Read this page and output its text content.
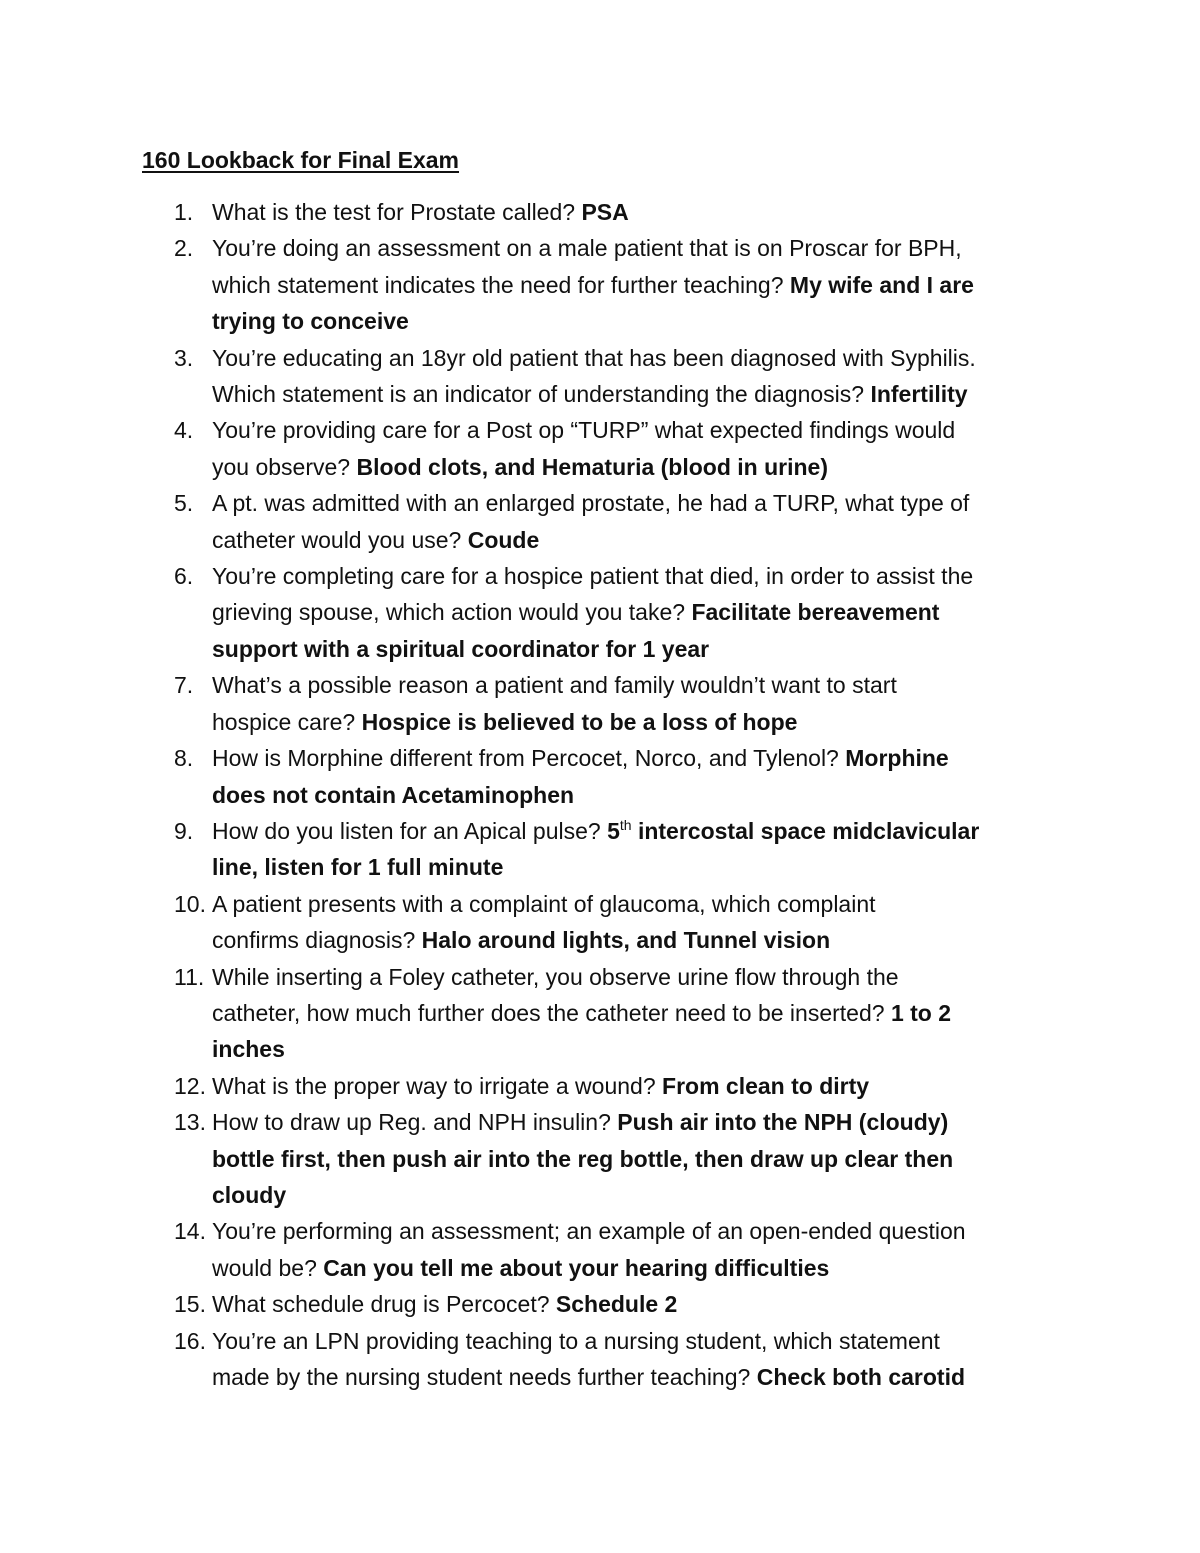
160 Lookback for Final Exam
1. What is the test for Prostate called? PSA
2. You’re doing an assessment on a male patient that is on Proscar for BPH,
which statement indicates the need for further teaching? My wife and I are
trying to conceive
3. You’re educating an 18yr old patient that has been diagnosed with Syphilis.
Which statement is an indicator of understanding the diagnosis? Infertility
4. You’re providing care for a Post op “TURP” what expected findings would
you observe? Blood clots, and Hematuria (blood in urine)
5. A pt. was admitted with an enlarged prostate, he had a TURP, what type of
catheter would you use? Coude
6. You’re completing care for a hospice patient that died, in order to assist the
grieving spouse, which action would you take? Facilitate bereavement
support with a spiritual coordinator for 1 year
7. What’s a possible reason a patient and family wouldn’t want to start
hospice care? Hospice is believed to be a loss of hope
8. How is Morphine different from Percocet, Norco, and Tylenol? Morphine
does not contain Acetaminophen
9. How do you listen for an Apical pulse? 5th intercostal space midclavicular
line, listen for 1 full minute
10. A patient presents with a complaint of glaucoma, which complaint
confirms diagnosis? Halo around lights, and Tunnel vision
11. While inserting a Foley catheter, you observe urine flow through the
catheter, how much further does the catheter need to be inserted? 1 to 2
inches
12. What is the proper way to irrigate a wound? From clean to dirty
13. How to draw up Reg. and NPH insulin? Push air into the NPH (cloudy)
bottle first, then push air into the reg bottle, then draw up clear then
cloudy
14. You’re performing an assessment; an example of an open-ended question
would be? Can you tell me about your hearing difficulties
15. What schedule drug is Percocet? Schedule 2
16. You’re an LPN providing teaching to a nursing student, which statement
made by the nursing student needs further teaching? Check both carotid
